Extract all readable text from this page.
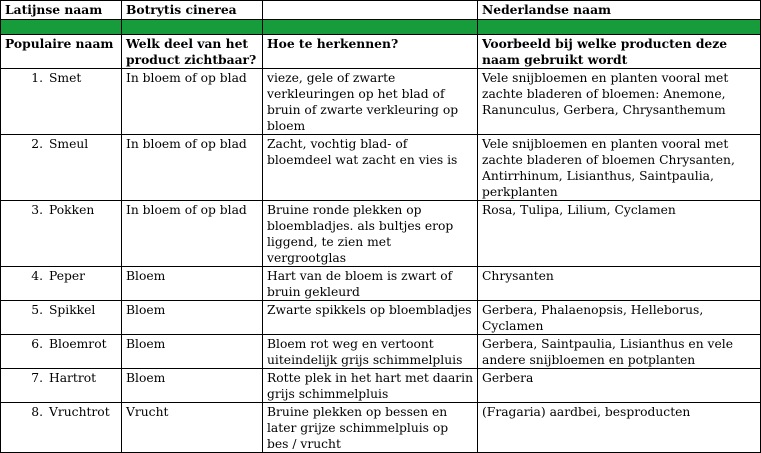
Latijnse naam	Botrytis cinerea		Nederlandse naam

Populaire naam	Welk deel van het product zichtbaar?	Hoe te herkennen?	Voorbeeld bij welke producten deze naam gebruikt wordt
1. Smet	In bloem of op blad	vieze, gele of zwarte verkleuringen op het blad of bruin of zwarte verkleuring op bloem	Vele snijbloemen en planten vooral met zachte bladeren of bloemen: Anemone, Ranunculus, Gerbera, Chrysanthemum
2. Smeul	In bloem of op blad	Zacht, vochtig blad- of bloemdeel wat zacht en vies is	Vele snijbloemen en planten vooral met zachte bladeren of bloemen Chrysanten, Antirrhinum, Lisianthus, Saintpaulia, perkplanten
3. Pokken	In bloem of op blad	Bruine ronde plekken op bloembladjes. als bultjes erop liggend, te zien met vergrootglas	Rosa, Tulipa, Lilium, Cyclamen
4. Peper	Bloem	Hart van de bloem is zwart of bruin gekleurd	Chrysanten
5. Spikkel	Bloem	Zwarte spikkels op bloembladjes	Gerbera, Phalaenopsis, Helleborus, Cyclamen
6. Bloemrot	Bloem	Bloem rot weg en vertoont uiteindelijk grijs schimmelpluis	Gerbera, Saintpaulia, Lisianthus en vele andere snijbloemen en potplanten
7. Hartrot	Bloem	Rotte plek in het hart met daarin grijs schimmelpluis	Gerbera
8. Vruchtrot	Vrucht	Bruine plekken op bessen en later grijze schimmelpluis op bes / vrucht	(Fragaria) aardbei, besproducten
